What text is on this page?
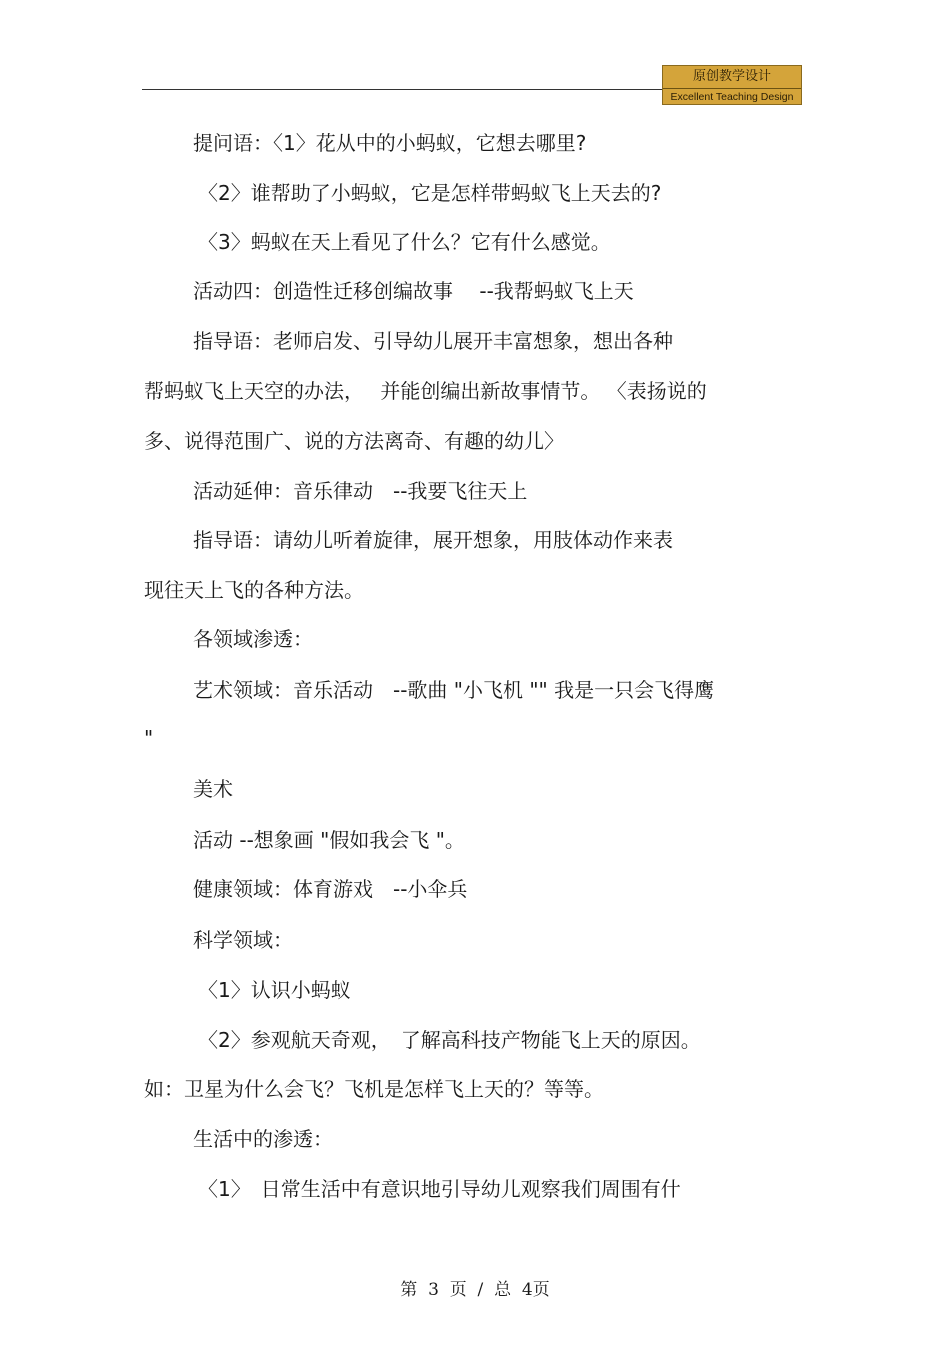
原创教学设计
Excellent Teaching Design
提问语：〈1〉花从中的小蚂蚁，它想去哪里?
〈2〉谁帮助了小蚂蚁，它是怎样带蚂蚁飞上天去的?
〈3〉蚂蚁在天上看见了什么？它有什么感觉。
活动四：创造性迁移创编故事　 --我帮蚂蚁飞上天
指导语：老师启发、引导幼儿展开丰富想象，想出各种
帮蚂蚁飞上天空的办法，　 并能创编出新故事情节。 〈表扬说的
多、说得范围广、说的方法离奇、有趣的幼儿〉
活动延伸：音乐律动　--我要飞往天上
指导语：请幼儿听着旋律，展开想象，用肢体动作来表
现往天上飞的各种方法。
各领域渗透：
艺术领域：音乐活动　--歌曲 "小飞机 "" 我是一只会飞得鹰
"
美术
活动 --想象画 "假如我会飞 "。
健康领域：体育游戏　--小伞兵
科学领域：
〈1〉认识小蚂蚁
〈2〉参观航天奇观，　了解高科技产物能飞上天的原因。
如：卫星为什么会飞？飞机是怎样飞上天的？等等。
生活中的渗透：
〈1〉　日常生活中有意识地引导幼儿观察我们周围有什
第  3  页  /  总  4页
